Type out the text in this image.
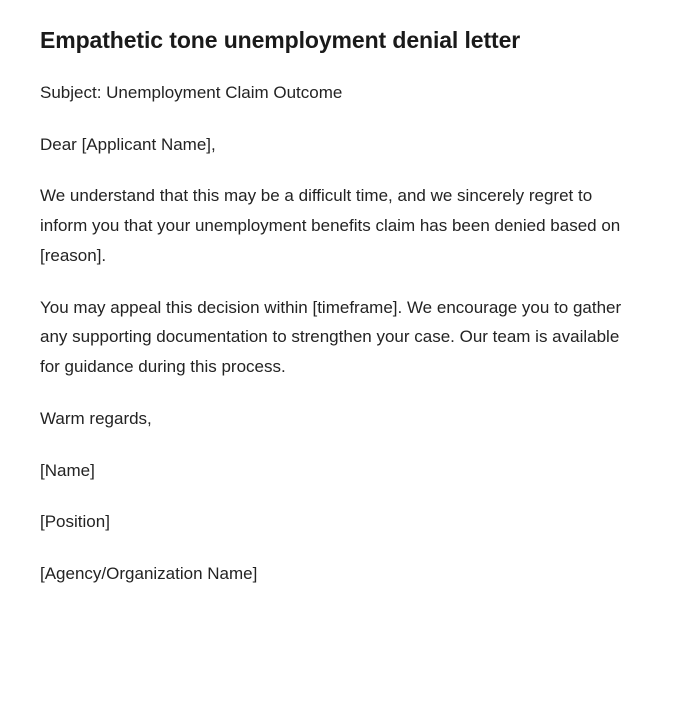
Empathetic tone unemployment denial letter

Subject: Unemployment Claim Outcome

Dear [Applicant Name],

We understand that this may be a difficult time, and we sincerely regret to inform you that your unemployment benefits claim has been denied based on [reason].

You may appeal this decision within [timeframe]. We encourage you to gather any supporting documentation to strengthen your case. Our team is available for guidance during this process.

Warm regards,

[Name]

[Position]

[Agency/Organization Name]
